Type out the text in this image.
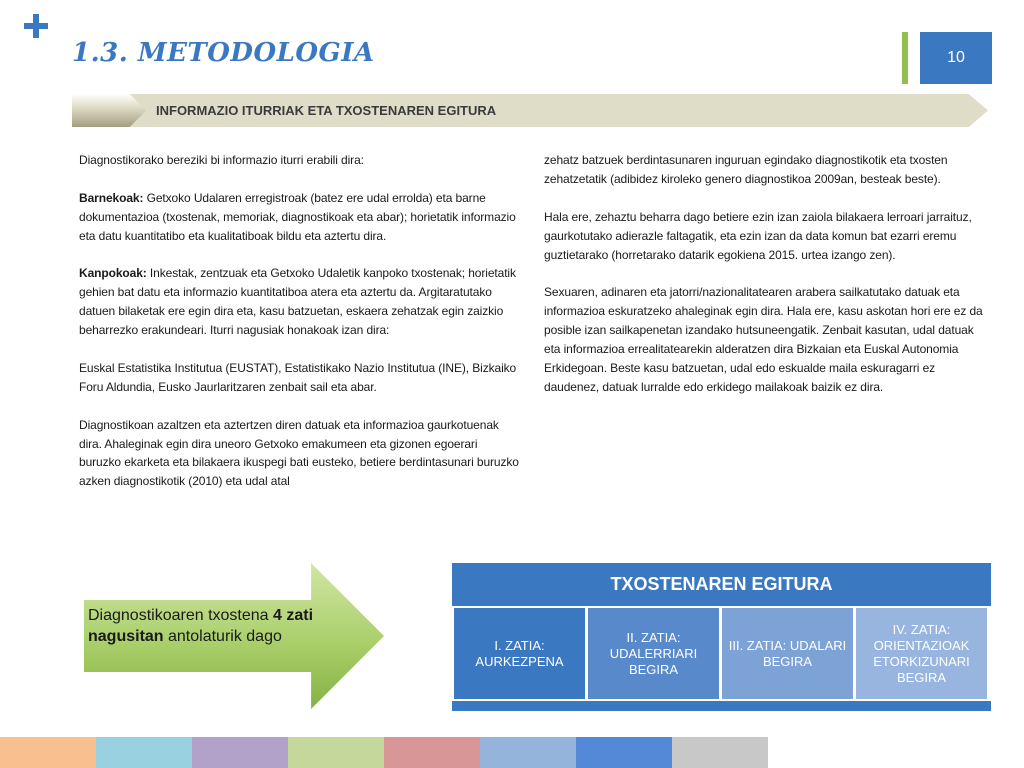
1.3. METODOLOGIA	10
INFORMAZIO ITURRIAK ETA TXOSTENAREN EGITURA

Diagnostikorako bereziki bi informazio iturri erabili dira:

Barnekoak: Getxoko Udalaren erregistroak (batez ere udal errolda) eta barne dokumentazioa (txostenak, memoriak, diagnostikoak eta abar); horietatik informazio eta datu kuantitatibo eta kualitatiboak bildu eta aztertu dira.

Kanpokoak: Inkestak, zentzuak eta Getxoko Udaletik kanpoko txostenak; horietatik gehien bat datu eta informazio kuantitatiboa atera eta aztertu da. Argitaratutako datuen bilaketak ere egin dira eta, kasu batzuetan, eskaera zehatzak egin zaizkio beharrezko erakundeari. Iturri nagusiak honakoak izan dira:

Euskal Estatistika Institutua (EUSTAT), Estatistikako Nazio Institutua (INE), Bizkaiko Foru Aldundia, Eusko Jaurlaritzaren zenbait sail eta abar.

Diagnostikoan azaltzen eta aztertzen diren datuak eta informazioa gaurkotuenak dira. Ahaleginak egin dira uneoro Getxoko emakumeen eta gizonen egoerari buruzko ekarketa eta bilakaera ikuspegi bati eusteko, betiere berdintasunari buruzko azken diagnostikotik (2010) eta udal atal

zehatz batzuek berdintasunaren inguruan egindako diagnostikotik eta txosten zehatzetatik (adibidez kiroleko genero diagnostikoa 2009an, besteak beste).

Hala ere, zehaztu beharra dago betiere ezin izan zaiola bilakaera lerroari jarraituz, gaurkotutako adierazle faltagatik, eta ezin izan da data komun bat ezarri eremu guztietarako (horretarako datarik egokiena 2015. urtea izango zen).

Sexuaren, adinaren eta jatorri/nazionalitatearen arabera sailkatutako datuak eta informazioa eskuratzeko ahaleginak egin dira. Hala ere, kasu askotan hori ere ez da posible izan sailkapenetan izandako hutsuneengatik. Zenbait kasutan, udal datuak eta informazioa errealitatearekin alderatzen dira Bizkaian eta Euskal Autonomia Erkidegoan. Beste kasu batzuetan, udal edo eskualde maila eskuragarri ez daudenez, datuak lurralde edo erkidego mailakoak baizik ez dira.

Diagnostikoaren txostena 4 zati nagusitan antolaturik dago
TXOSTENAREN EGITURA
I. ZATIA: AURKEZPENA
II. ZATIA: UDALERRIARI BEGIRA
III. ZATIA: UDALARI BEGIRA
IV. ZATIA: ORIENTAZIOAK ETORKIZUNARI BEGIRA
